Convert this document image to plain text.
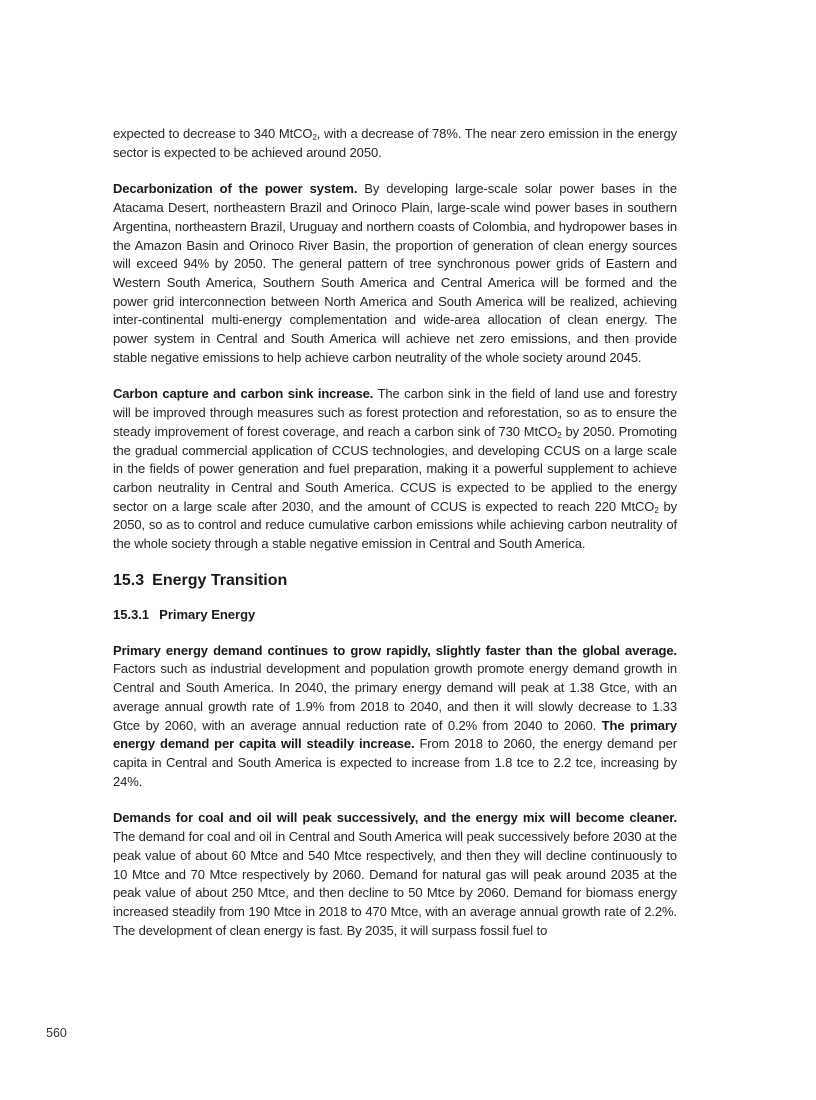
expected to decrease to 340 MtCO$_2$, with a decrease of 78%. The near zero emission in the energy sector is expected to be achieved around 2050.

Decarbonization of the power system. By developing large-scale solar power bases in the Atacama Desert, northeastern Brazil and Orinoco Plain, large-scale wind power bases in southern Argentina, northeastern Brazil, Uruguay and northern coasts of Colombia, and hydropower bases in the Amazon Basin and Orinoco River Basin, the proportion of generation of clean energy sources will exceed 94% by 2050. The general pattern of tree synchronous power grids of Eastern and Western South America, Southern South America and Central America will be formed and the power grid interconnection between North America and South America will be realized, achieving inter-continental multi-energy complementation and wide-area allocation of clean energy. The power system in Central and South America will achieve net zero emissions, and then provide stable negative emissions to help achieve carbon neutrality of the whole society around 2045.

Carbon capture and carbon sink increase. The carbon sink in the field of land use and forestry will be improved through measures such as forest protection and reforestation, so as to ensure the steady improvement of forest coverage, and reach a carbon sink of 730 MtCO$_2$ by 2050. Promoting the gradual commercial application of CCUS technologies, and developing CCUS on a large scale in the fields of power generation and fuel preparation, making it a powerful supplement to achieve carbon neutrality in Central and South America. CCUS is expected to be applied to the energy sector on a large scale after 2030, and the amount of CCUS is expected to reach 220 MtCO$_2$ by 2050, so as to control and reduce cumulative carbon emissions while achieving carbon neutrality of the whole society through a stable negative emission in Central and South America.

15.3 Energy Transition
15.3.1 Primary Energy

Primary energy demand continues to grow rapidly, slightly faster than the global average. Factors such as industrial development and population growth promote energy demand growth in Central and South America. In 2040, the primary energy demand will peak at 1.38 Gtce, with an average annual growth rate of 1.9% from 2018 to 2040, and then it will slowly decrease to 1.33 Gtce by 2060, with an average annual reduction rate of 0.2% from 2040 to 2060. The primary energy demand per capita will steadily increase. From 2018 to 2060, the energy demand per capita in Central and South America is expected to increase from 1.8 tce to 2.2 tce, increasing by 24%.

Demands for coal and oil will peak successively, and the energy mix will become cleaner. The demand for coal and oil in Central and South America will peak successively before 2030 at the peak value of about 60 Mtce and 540 Mtce respectively, and then they will decline continuously to 10 Mtce and 70 Mtce respectively by 2060. Demand for natural gas will peak around 2035 at the peak value of about 250 Mtce, and then decline to 50 Mtce by 2060. Demand for biomass energy increased steadily from 190 Mtce in 2018 to 470 Mtce, with an average annual growth rate of 2.2%. The development of clean energy is fast. By 2035, it will surpass fossil fuel to

560
